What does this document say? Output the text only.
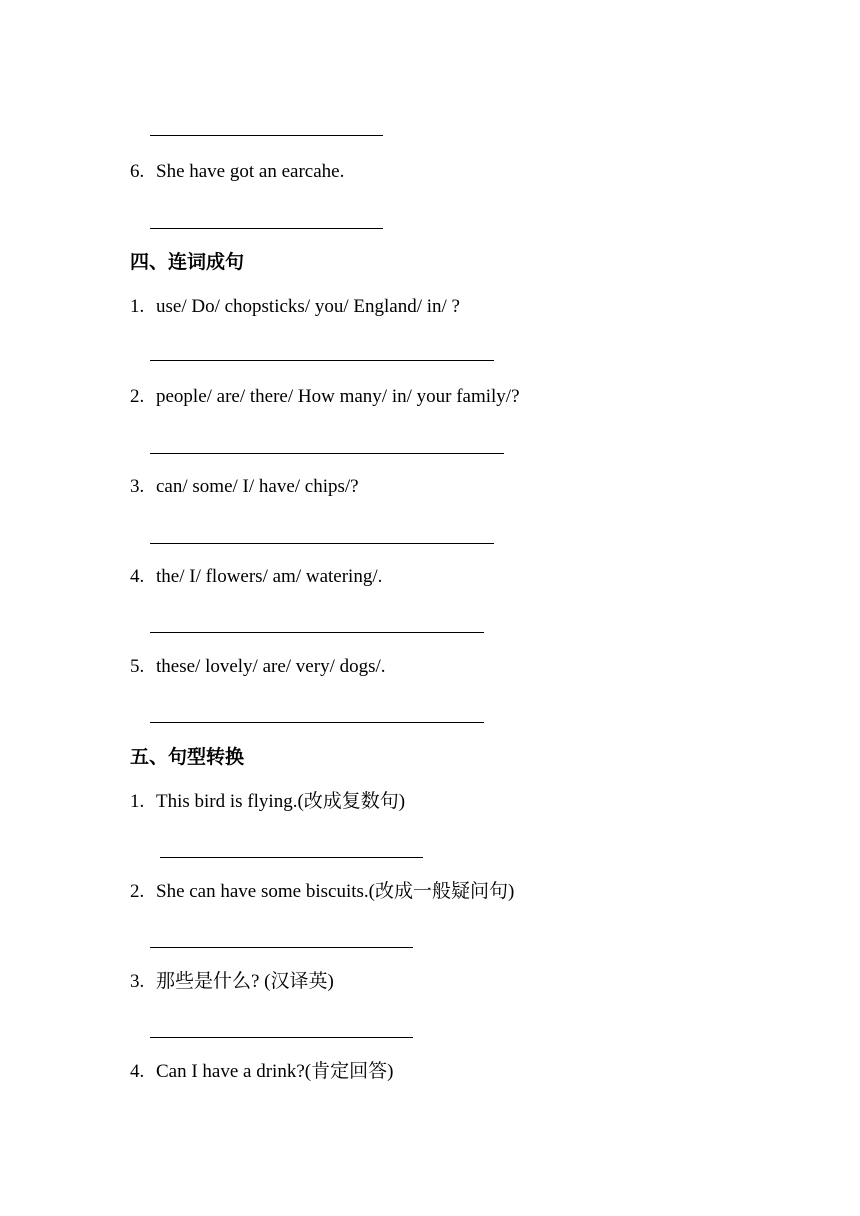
6. She have got an earcahe.
四、连词成句
1. use/ Do/ chopsticks/ you/ England/ in/ ?
2. people/ are/ there/ How many/ in/ your family/?
3. can/ some/ I/ have/ chips/?
4. the/ I/ flowers/ am/ watering/.
5. these/ lovely/ are/ very/ dogs/.
五、句型转换
1. This bird is flying.(改成复数句)
2. She can have some biscuits.(改成一般疑问句)
3. 那些是什么? (汉译英)
4. Can I have a drink?(肯定回答)
